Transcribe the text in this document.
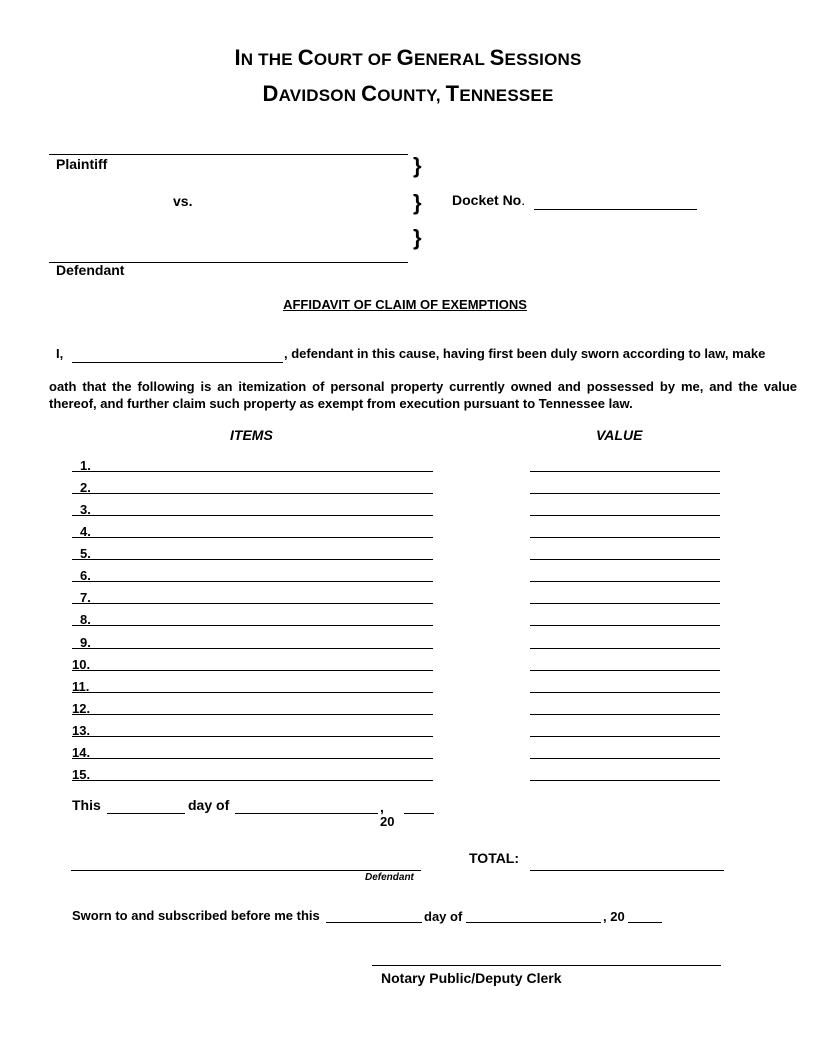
IN THE COURT OF GENERAL SESSIONS
DAVIDSON COUNTY, TENNESSEE
Plaintiff
vs.
Defendant
}
}
}
Docket No.
AFFIDAVIT OF CLAIM OF EXEMPTIONS
I,	, defendant in this cause, having first been duly sworn according to law, make
oath that the following is an itemization of personal property currently owned and possessed by me, and the value thereof, and further claim such property as exempt from execution pursuant to Tennessee law.
ITEMS	VALUE
1.
2.
3.
4.
5.
6.
7.
8.
9.
10.
11.
12.
13.
14.
15.
This	day of	,
20
Defendant
TOTAL:
Sworn to and subscribed before me this	day of	, 20
Notary Public/Deputy Clerk
